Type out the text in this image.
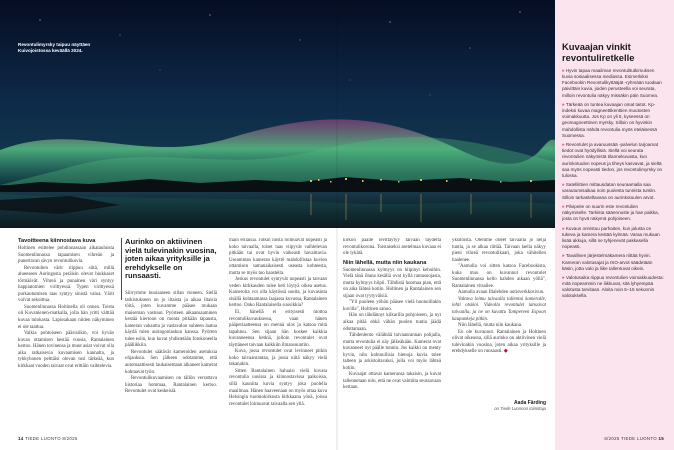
Revontulimyrsky taipuu näyttäen Kuivojoistossa keväällä 2024.
Tavoitteena kiinnostava kuva

Holtinen esittelee pohdinnassaan aikatauluista Suomenlinnassa tapaamisen vihreän ja punertavan sävyn revontulikuvia.

Revontulien värit riippuu siitä, millä alueeseen Auringosta peräisin olevat hiukkaset törmäävät. Vihreä ja punainen väri syntyy happiatomien virittyessä. Typen virittyessä purkautumisen taas syntyy sinistä valoa. Värit voivat sekoittua.

Suomenlinnassa Holtinella oli onnea. Toista oli Kuvanienen-matkalla, jolla hän yritti välttää kuvaa tulokasta. Lapissakaan niiden näkyminen ei ole taattua.

Valkia pohtoiseen pääsisiikin, voi hyvän kuvan ottamisen kestää vuosia, Rantalainen kertoo. Hänen tovinensa ja muut asiat voivat olla aika ratkaisevia kuvaamisen kannalta, ja tyhkyhonen pelttäisi olevan tosi tärkeää, kun kirkkaat vuoden taivaat ovat erittäin vaihtelevia.

Aurinko on aktiivinen vielä tulevinakin vuosina, joten aikaa yrityksille ja erehdykselle on runsaasti.

Siirrymme huoiaaseen sillan vieneen. Siellä tarkistukseen on jo iltaista ja aikaa iltaisia töitä, joten kuvamme pääsee mukaan maiseman vastuun. Pyörteen aikaansaaminen kestää kiertoon on monta pitkään tapausta, kameran vakautta ja vastavalon suhteen laatua käydä tulen auringonlaskun kanssa. Pyörten tulee esiin, kun kuvat yhdistetään fotokoneella pääliikkiin.

Revontulet säätävät kameroiden asetuksia ohjauksia. Sen jälkeen odotamme, että automaattisesti laukaisemaan alkaneet kamerat kohtaavat työn.

Revontulikuvaamisen on tällön verrattava historiaa hommaa, Rantalainen kertoo. Revontulet ovat keskeisiä.

mäin erilaisia. Jotkin niistä loimuavat nopeasti ja koko taivaalla, toiset taas viipyvät vaihtelevan pitkään tai ovat hyvin vaikeasti havaittavia. Useamman kameran käyttö mahdollistaa kuvien ottamisen samanaikaisesti useasta kohteesta, mutta se myös tuo haasteita.

Joskus revontulet syntyvät nopeasti ja taivaan veden kirkkauden tulee heti löytyä oikea asetus. Kameroita voi olla käytössä useita, ja kuvasinta sisällä kohtaamassa laajassa kuvassa, Rantalainen kertoo. Onko Rantalaisella suosikkia?

Ei, hänellä ei erityisesti mottoa revontulikuvauksessa, vaan hänen pääperiaatteensa on mennä ulos ja katsoa mitä tapahtuu. Sen sijaan hän koskee kaikkia kuvanneensa hetkiä, jolloin revontulet ovat täyttäneet taivaan kaikkiin ilmansuuntiin.

Kuva, jossa revontulet ovat levinneet pitkin koko taivaanrantaa, ja jossa niitä näkyy vielä takanakin.

Sitten Rantalainen haluaisi vielä kuvata revontulia uusissa ja kiinnostavissa paikoissa, sillä kauniita kuvia syntyy joka puolella maailmaa. Hänen haaveenaan on myös ottaa kuva Helsingin tuomiokirkosta kirkkaana yönä, joissa revontulet loimuavat taivaalla sen yllä.

kirkon päälle levittäytyy taivaan täydeltä revontulikorona. Toistaiseksi asetelmaa kuvaaa ei ole lykätä.

Niin lähellä, mutta niin kaukana

Suomenlinnassa kylmyys on hiipinyt kehoihin. Vielä tänä iltana kesällä ovat kyllä rantasuojasta, mutta kylmyys hiipii. Tähdistä huomaa pian, että on aika lähteä kotiin. Holtinen ja Rantalainen sen sijaan ovat tyytyväisiä.

"Yli puoleen yöhön pääsee vielä huonoillakin kuvilla", Holtinen sanoo.

Hän on tähdännyt kiikarilla pohjoiseen, ja nyt aikaa pitää ehkä vähän puolen tuntia jäädä odottamaan.

Tähdenlento välähtää taivaanrannan pohjalla, mutta revontulia ei näy jälkeäkään. Kamerat ovat kuvanneet nyt päälle tunnin. Jos kaikki on menty hyvin, niin kohtuullisia hienoja kuvia tulee talteen ja arkistoitavaksi, jolla voi myös lähteä kotiin.

Kuvaajat ottavat kameransa takaisin, ja kuvat tallennetaan niin, että ne ovat valmiita seuraavaan kertaan.

yksitoista. Olemme olleet taivaalla jo neljä tuntia, ja se alkaa riittää. Taivaan laella näkyy pieni vihreä revontulikaari, joka vähitellen haalenee.

"Aamulla voi sitten katsoa Facebookista, kuka muu on kuvannut revontulet Suomenlinnassa kello kahden aikaan yöllä", Rantalainen vitsailee.

Aamulla avaan Iltalehden uutisverkkosivun.

Valtava loimu taivaalla tallentui kameralle, lehti otsikoi. Videolla revontulet tanssivat taivaalla, ja ne on kuvattu Tampereen Espoon kaupunkeja pitkin.

Niin lähellä, mutta niin kaukana.

En ole kuvannut. Rantalainen ja Holtinen olivat oikeassa, sillä aurinko on aktiivinen vielä tulevinakin vuosina, joten aikaa yrityksille ja erehdykselle on runsaasti. ◆

Aada Färding
on Tiede Luonnon toimittaja
Kuvaajan vinkit revontuliretkelle

» Hyvin tapaa maailman revontulitutkimuksen kuvia sosiaalisessa mediassa. Esimerkiksi Facebookin Revontulikyttääjät -ryhmään tuodaan päivittäin kuvia, joiden perusteella voi seurata, milloin revontulia näkyy missäkin päin Suomea.

» Tärkeää on tuntea kuvaajan omat taitot. Kp-indeksi kuvaa magneettikenttien muutosten voimakkuutta. Jos Kp on yli 5, kyseessä on geomagneettinen myrsky. Silloin on hyvinkin mahdollista nähdä revontulia myös eteläisessä Suomessa.

» Revontulet ja avaruussää -palvelun tarjoamat tiedot ovat hyödyllisiä. Siellä voi seurata revontulien näkymistä tilannekuvasta, kun aurinkotuulen nopeus ja tiheys kasvavat, ja sieltä saa myös nopeasti tiedon, jos revontulimyrsky on tulossa.

» Satelliittien mittausdatan seuraamalla saa varautumisaikaa noin puolesta tunnista tuntiin. Silloin tarkasteltavana on aurinkotuulen arvot.

» Pilvipeite on suurin este revontulien näkymiselle. Tarkista sääennuste ja hae paikka, josta on hyvä näkymä pohjoiseen.

» Kuvaus onnistuu parhaiten, kun jalusta on tukeva ja kamera kestää kylmää. Varaa mukaan lisää akkuja, sillä ne tyhjenevät pakkasella nopeasti.

» Tavallinen järjestelmäkamera riittää hyvin. Kameran valotusajat ja ISO-arvot säädetään käsin, jotta valo ja liike tallentuvat oikein.

» Valotusaika riippuu revontulien voimakkuudesta: mitä nopeammin ne liikkuvat, sitä lyhyempää valotusta tarvitaan. Aloita noin 5–15 sekunnin valotuksella.

14 TIEDE LUONTO 8/2025	8/2025 TIEDE LUONTO 15
